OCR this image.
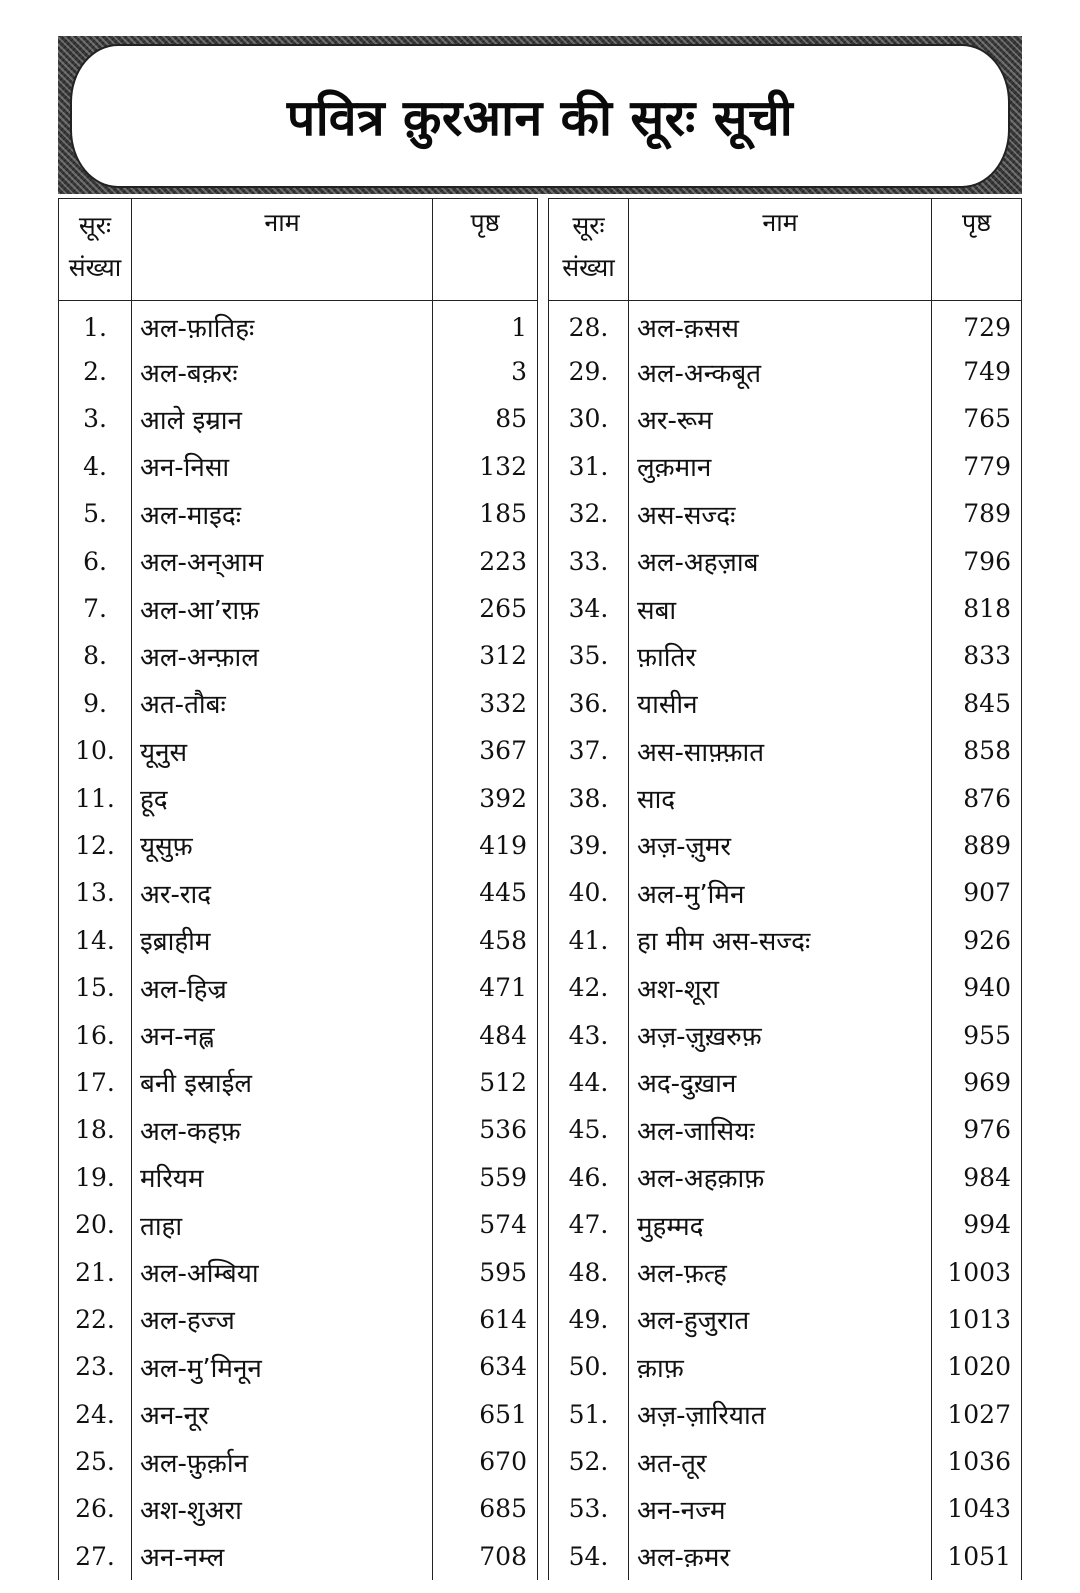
पवित्र क़ुरआन की सूरः सूची
सूरः
संख्या	नाम	पृष्ठ
1.	अल-फ़ातिहः	1
2.	अल-बक़रः	3
3.	आले इम्रान	85
4.	अन-निसा	132
5.	अल-माइदः	185
6.	अल-अन्आम	223
7.	अल-आ’राफ़	265
8.	अल-अन्फ़ाल	312
9.	अत-तौबः	332
10.	यूनुस	367
11.	हूद	392
12.	यूसुफ़	419
13.	अर-राद	445
14.	इब्राहीम	458
15.	अल-हिज्र	471
16.	अन-नह्ल	484
17.	बनी इस्राईल	512
18.	अल-कहफ़	536
19.	मरियम	559
20.	ताहा	574
21.	अल-अम्बिया	595
22.	अल-हज्ज	614
23.	अल-मु’मिनून	634
24.	अन-नूर	651
25.	अल-फ़ुर्क़ान	670
26.	अश-शुअरा	685
27.	अन-नम्ल	708
सूरः
संख्या	नाम	पृष्ठ
28.	अल-क़सस	729
29.	अल-अन्कबूत	749
30.	अर-रूम	765
31.	लुक़मान	779
32.	अस-सज्दः	789
33.	अल-अहज़ाब	796
34.	सबा	818
35.	फ़ातिर	833
36.	यासीन	845
37.	अस-साफ़्फ़ात	858
38.	साद	876
39.	अज़-ज़ुमर	889
40.	अल-मु’मिन	907
41.	हा मीम अस-सज्दः	926
42.	अश-शूरा	940
43.	अज़-ज़ुख़रुफ़	955
44.	अद-दुख़ान	969
45.	अल-जासियः	976
46.	अल-अहक़ाफ़	984
47.	मुहम्मद	994
48.	अल-फ़त्ह	1003
49.	अल-हुजुरात	1013
50.	क़ाफ़	1020
51.	अज़-ज़ारियात	1027
52.	अत-तूर	1036
53.	अन-नज्म	1043
54.	अल-क़मर	1051
